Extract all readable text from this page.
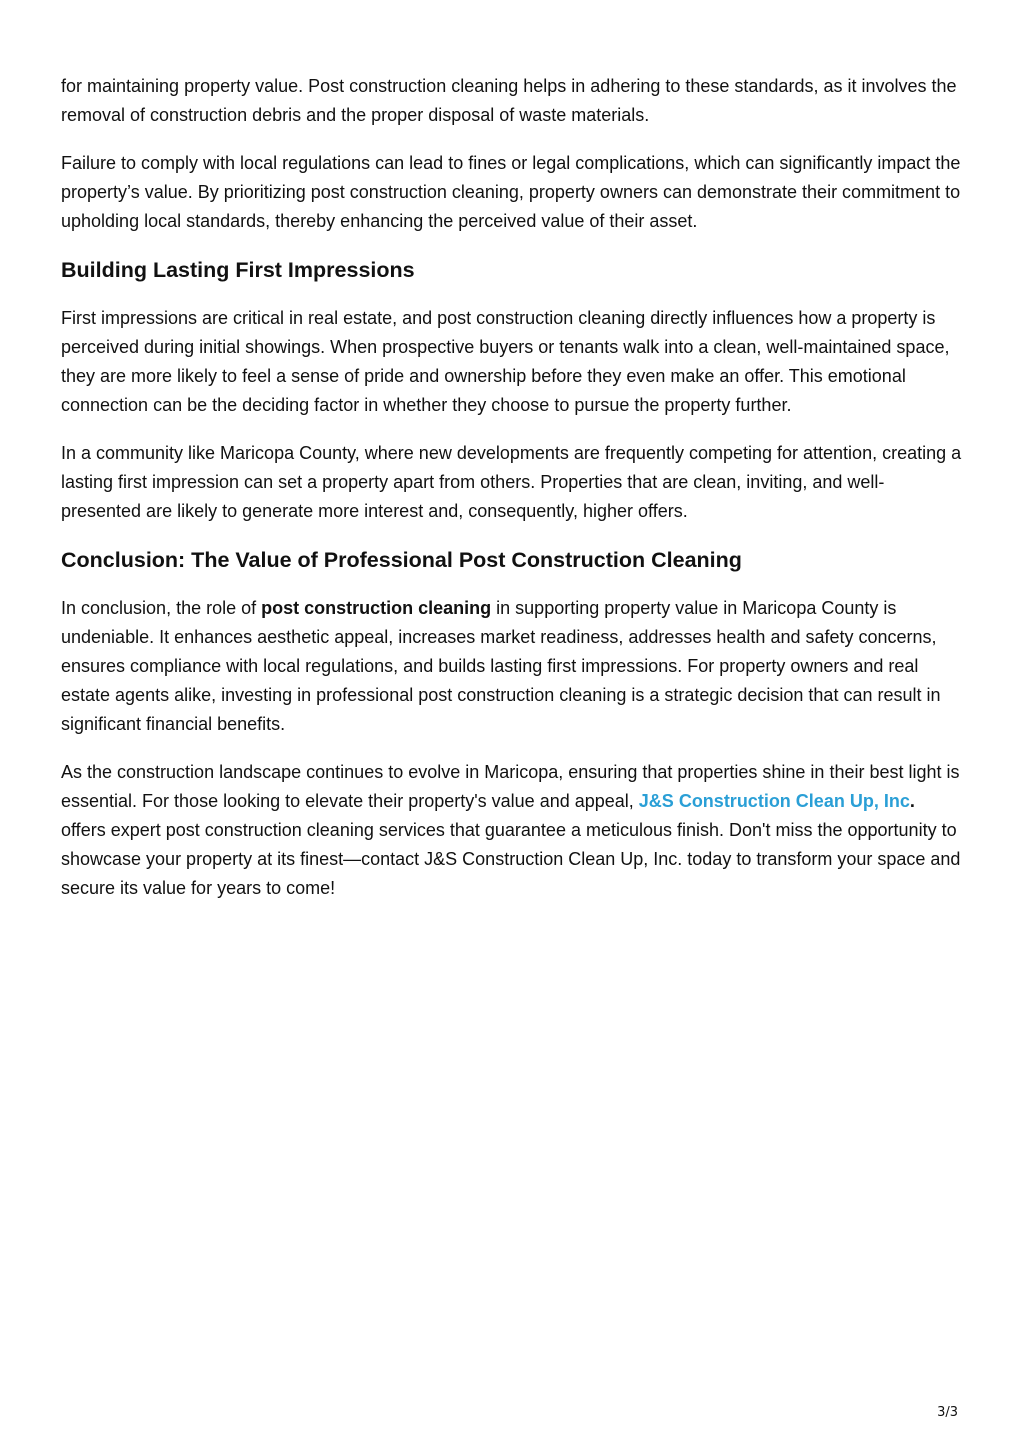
for maintaining property value. Post construction cleaning helps in adhering to these standards, as it involves the removal of construction debris and the proper disposal of waste materials.

Failure to comply with local regulations can lead to fines or legal complications, which can significantly impact the property’s value. By prioritizing post construction cleaning, property owners can demonstrate their commitment to upholding local standards, thereby enhancing the perceived value of their asset.

Building Lasting First Impressions

First impressions are critical in real estate, and post construction cleaning directly influences how a property is perceived during initial showings. When prospective buyers or tenants walk into a clean, well-maintained space, they are more likely to feel a sense of pride and ownership before they even make an offer. This emotional connection can be the deciding factor in whether they choose to pursue the property further.

In a community like Maricopa County, where new developments are frequently competing for attention, creating a lasting first impression can set a property apart from others. Properties that are clean, inviting, and well-presented are likely to generate more interest and, consequently, higher offers.

Conclusion: The Value of Professional Post Construction Cleaning

In conclusion, the role of post construction cleaning in supporting property value in Maricopa County is undeniable. It enhances aesthetic appeal, increases market readiness, addresses health and safety concerns, ensures compliance with local regulations, and builds lasting first impressions. For property owners and real estate agents alike, investing in professional post construction cleaning is a strategic decision that can result in significant financial benefits.

As the construction landscape continues to evolve in Maricopa, ensuring that properties shine in their best light is essential. For those looking to elevate their property's value and appeal, J&S Construction Clean Up, Inc. offers expert post construction cleaning services that guarantee a meticulous finish. Don't miss the opportunity to showcase your property at its finest—contact J&S Construction Clean Up, Inc. today to transform your space and secure its value for years to come!

3/3
